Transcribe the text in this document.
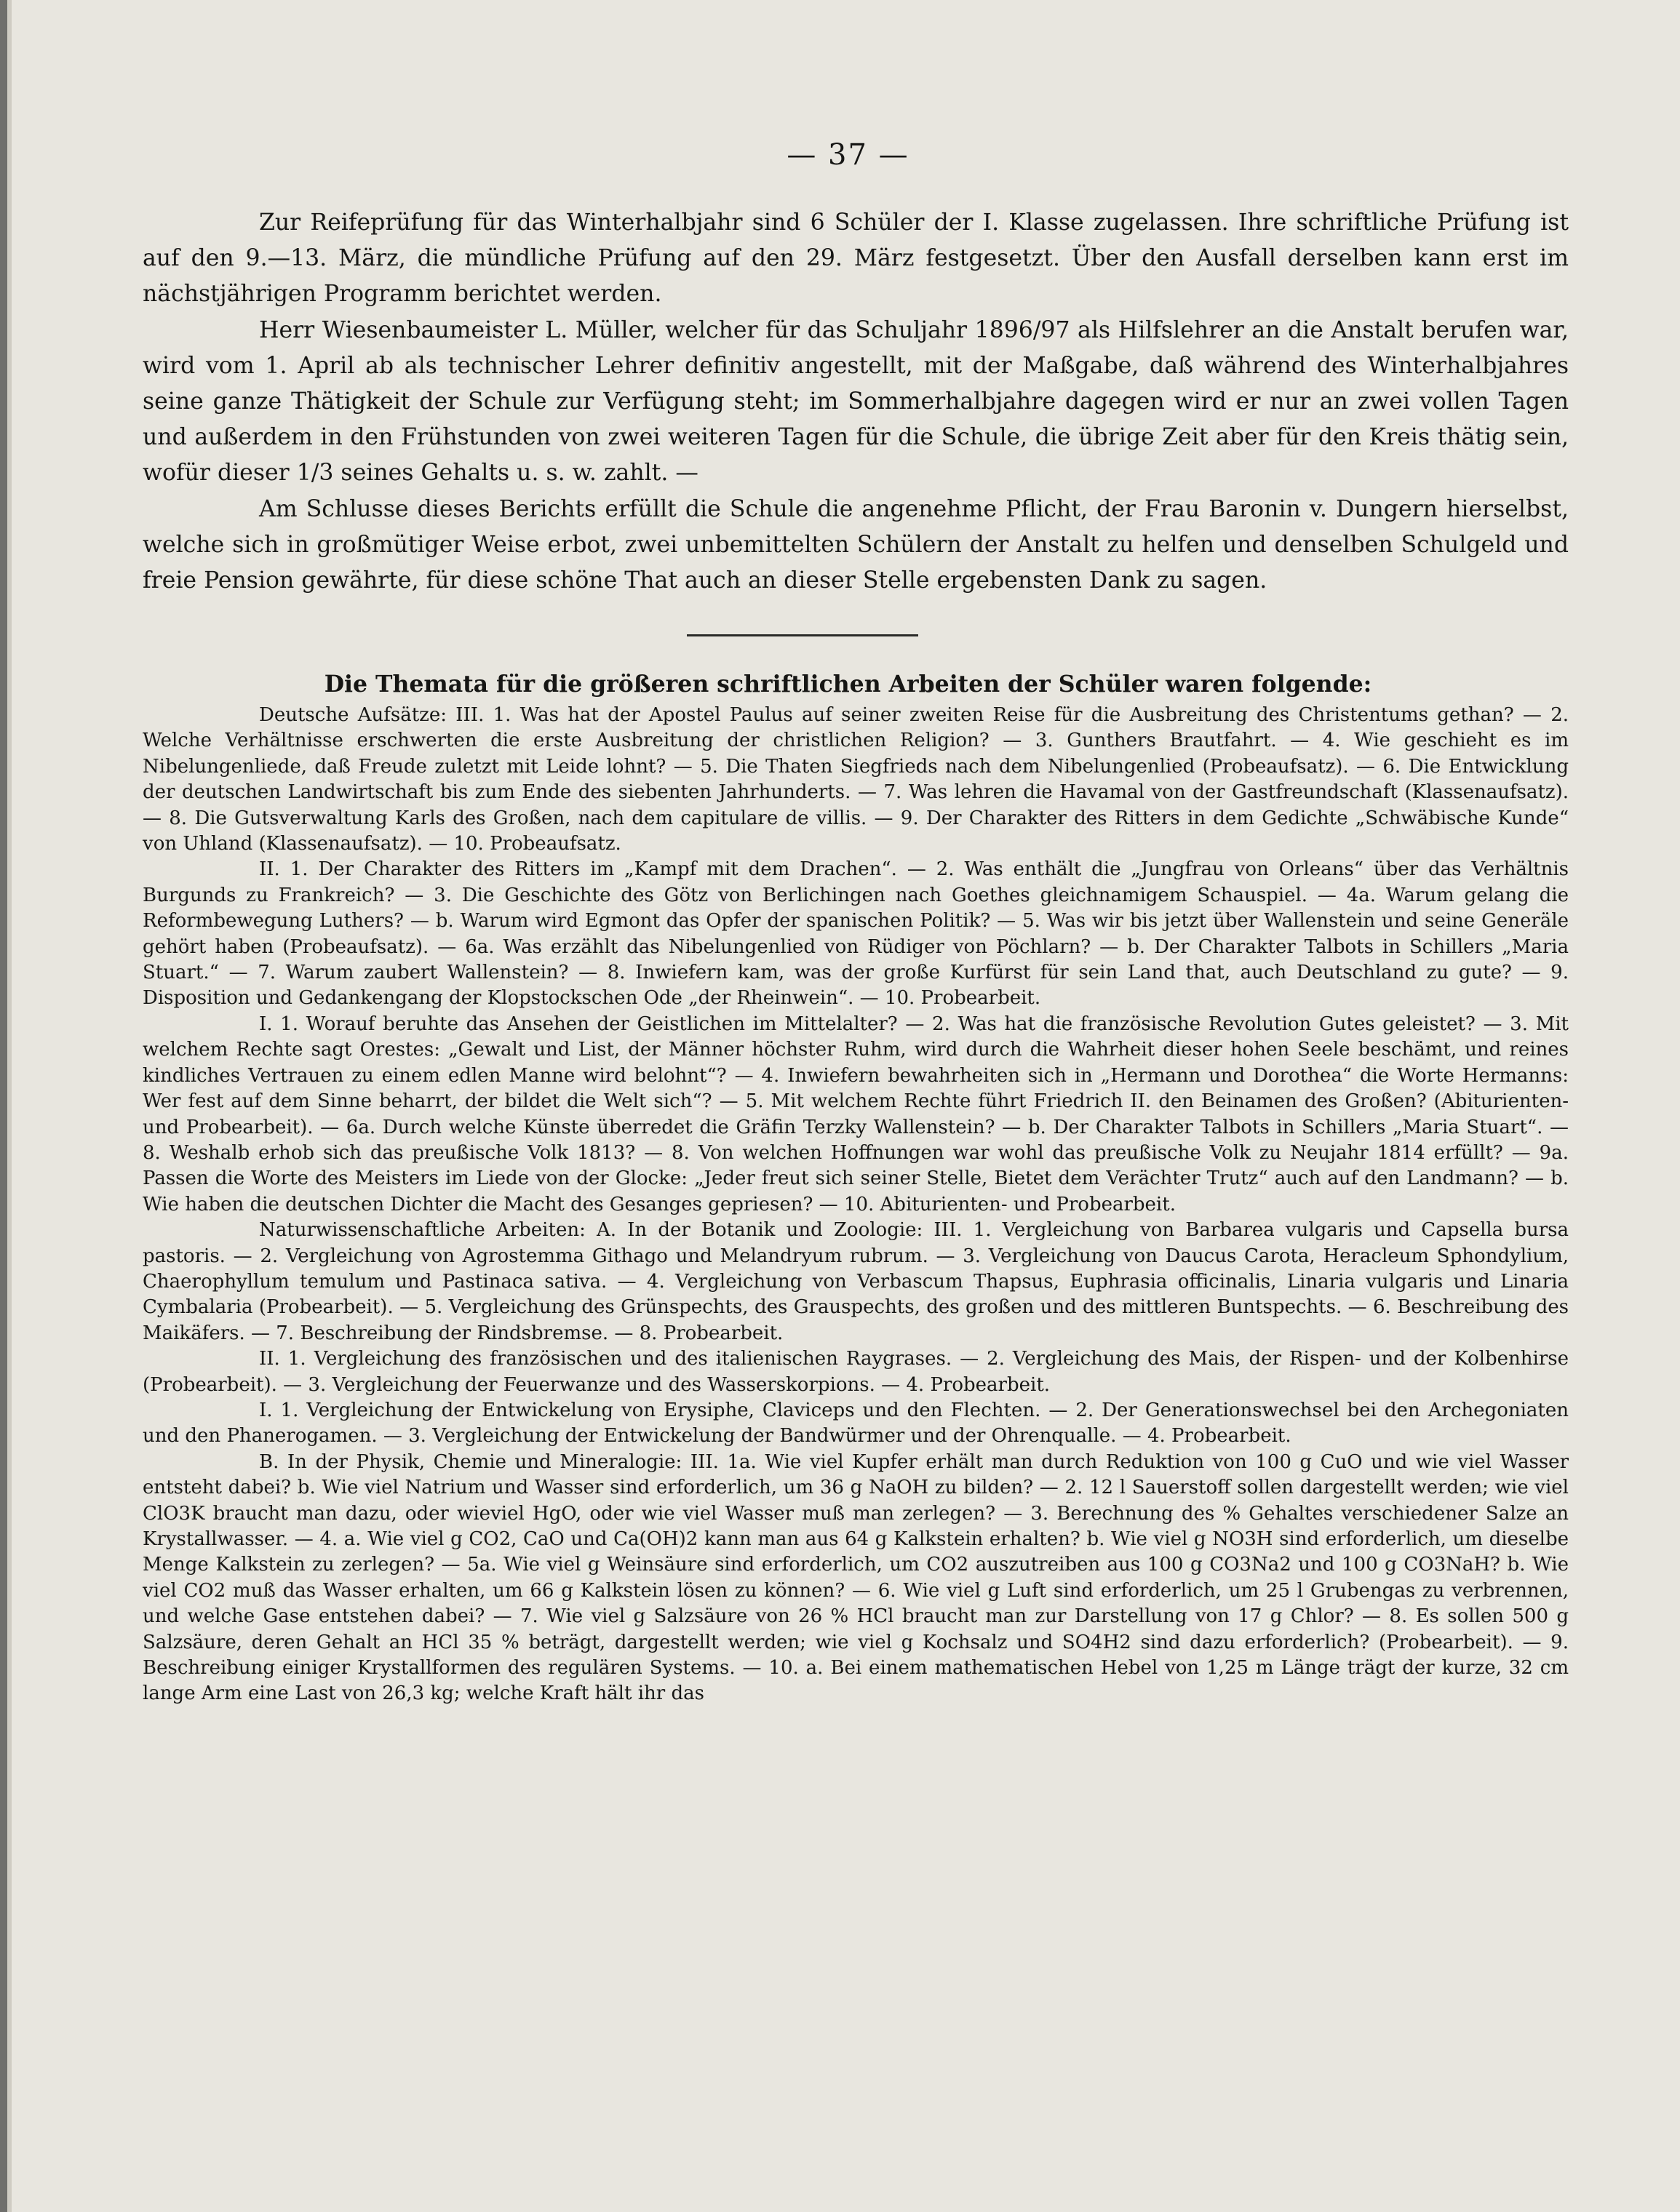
— 37 —

Zur Reifeprüfung für das Winterhalbjahr sind 6 Schüler der I. Klasse zugelassen. Ihre schriftliche Prüfung ist auf den 9.—13. März, die mündliche Prüfung auf den 29. März festgesetzt. Über den Ausfall derselben kann erst im nächstjährigen Programm berichtet werden.

Herr Wiesenbaumeister L. Müller, welcher für das Schuljahr 1896/97 als Hilfslehrer an die Anstalt berufen war, wird vom 1. April ab als technischer Lehrer definitiv angestellt, mit der Maßgabe, daß während des Winterhalbjahres seine ganze Thätigkeit der Schule zur Verfügung steht; im Sommerhalbjahre dagegen wird er nur an zwei vollen Tagen und außerdem in den Frühstunden von zwei weiteren Tagen für die Schule, die übrige Zeit aber für den Kreis thätig sein, wofür dieser 1/3 seines Gehalts u. s. w. zahlt. —

Am Schlusse dieses Berichts erfüllt die Schule die angenehme Pflicht, der Frau Baronin v. Dungern hierselbst, welche sich in großmütiger Weise erbot, zwei unbemittelten Schülern der Anstalt zu helfen und denselben Schulgeld und freie Pension gewährte, für diese schöne That auch an dieser Stelle ergebensten Dank zu sagen.

Die Themata für die größeren schriftlichen Arbeiten der Schüler waren folgende:

Deutsche Aufsätze: III. 1. Was hat der Apostel Paulus auf seiner zweiten Reise für die Ausbreitung des Christentums gethan? — 2. Welche Verhältnisse erschwerten die erste Ausbreitung der christlichen Religion? — 3. Gunthers Brautfahrt. — 4. Wie geschieht es im Nibelungenliede, daß Freude zuletzt mit Leide lohnt? — 5. Die Thaten Siegfrieds nach dem Nibelungenlied (Probeaufsatz). — 6. Die Entwicklung der deutschen Landwirtschaft bis zum Ende des siebenten Jahrhunderts. — 7. Was lehren die Havamal von der Gastfreundschaft (Klassenaufsatz). — 8. Die Gutsverwaltung Karls des Großen, nach dem capitulare de villis. — 9. Der Charakter des Ritters in dem Gedichte „Schwäbische Kunde“ von Uhland (Klassenaufsatz). — 10. Probeaufsatz.

II. 1. Der Charakter des Ritters im „Kampf mit dem Drachen“. — 2. Was enthält die „Jungfrau von Orleans“ über das Verhältnis Burgunds zu Frankreich? — 3. Die Geschichte des Götz von Berlichingen nach Goethes gleichnamigem Schauspiel. — 4a. Warum gelang die Reformbewegung Luthers? — b. Warum wird Egmont das Opfer der spanischen Politik? — 5. Was wir bis jetzt über Wallenstein und seine Generäle gehört haben (Probeaufsatz). — 6a. Was erzählt das Nibelungenlied von Rüdiger von Pöchlarn? — b. Der Charakter Talbots in Schillers „Maria Stuart.“ — 7. Warum zaubert Wallenstein? — 8. Inwiefern kam, was der große Kurfürst für sein Land that, auch Deutschland zu gute? — 9. Disposition und Gedankengang der Klopstockschen Ode „der Rheinwein“. — 10. Probearbeit.

I. 1. Worauf beruhte das Ansehen der Geistlichen im Mittelalter? — 2. Was hat die französische Revolution Gutes geleistet? — 3. Mit welchem Rechte sagt Orestes: „Gewalt und List, der Männer höchster Ruhm, wird durch die Wahrheit dieser hohen Seele beschämt, und reines kindliches Vertrauen zu einem edlen Manne wird belohnt“? — 4. Inwiefern bewahrheiten sich in „Hermann und Dorothea“ die Worte Hermanns: Wer fest auf dem Sinne beharrt, der bildet die Welt sich“? — 5. Mit welchem Rechte führt Friedrich II. den Beinamen des Großen? (Abiturienten- und Probearbeit). — 6a. Durch welche Künste überredet die Gräfin Terzky Wallenstein? — b. Der Charakter Talbots in Schillers „Maria Stuart“. — 8. Weshalb erhob sich das preußische Volk 1813? — 8. Von welchen Hoffnungen war wohl das preußische Volk zu Neujahr 1814 erfüllt? — 9a. Passen die Worte des Meisters im Liede von der Glocke: „Jeder freut sich seiner Stelle, Bietet dem Verächter Trutz“ auch auf den Landmann? — b. Wie haben die deutschen Dichter die Macht des Gesanges gepriesen? — 10. Abiturienten- und Probearbeit.

Naturwissenschaftliche Arbeiten: A. In der Botanik und Zoologie: III. 1. Vergleichung von Barbarea vulgaris und Capsella bursa pastoris. — 2. Vergleichung von Agrostemma Githago und Melandryum rubrum. — 3. Vergleichung von Daucus Carota, Heracleum Sphondylium, Chaerophyllum temulum und Pastinaca sativa. — 4. Vergleichung von Verbascum Thapsus, Euphrasia officinalis, Linaria vulgaris und Linaria Cymbalaria (Probearbeit). — 5. Vergleichung des Grünspechts, des Grauspechts, des großen und des mittleren Buntspechts. — 6. Beschreibung des Maikäfers. — 7. Beschreibung der Rindsbremse. — 8. Probearbeit.

II. 1. Vergleichung des französischen und des italienischen Raygrases. — 2. Vergleichung des Mais, der Rispen- und der Kolbenhirse (Probearbeit). — 3. Vergleichung der Feuerwanze und des Wasserskorpions. — 4. Probearbeit.

I. 1. Vergleichung der Entwickelung von Erysiphe, Claviceps und den Flechten. — 2. Der Generationswechsel bei den Archegoniaten und den Phanerogamen. — 3. Vergleichung der Entwickelung der Bandwürmer und der Ohrenqualle. — 4. Probearbeit.

B. In der Physik, Chemie und Mineralogie: III. 1a. Wie viel Kupfer erhält man durch Reduktion von 100 g CuO und wie viel Wasser entsteht dabei? b. Wie viel Natrium und Wasser sind erforderlich, um 36 g NaOH zu bilden? — 2. 12 l Sauerstoff sollen dargestellt werden; wie viel ClO3K braucht man dazu, oder wieviel HgO, oder wie viel Wasser muß man zerlegen? — 3. Berechnung des % Gehaltes verschiedener Salze an Krystallwasser. — 4. a. Wie viel g CO2, CaO und Ca(OH)2 kann man aus 64 g Kalkstein erhalten? b. Wie viel g NO3H sind erforderlich, um dieselbe Menge Kalkstein zu zerlegen? — 5a. Wie viel g Weinsäure sind erforderlich, um CO2 auszutreiben aus 100 g CO3Na2 und 100 g CO3NaH? b. Wie viel CO2 muß das Wasser erhalten, um 66 g Kalkstein lösen zu können? — 6. Wie viel g Luft sind erforderlich, um 25 l Grubengas zu verbrennen, und welche Gase entstehen dabei? — 7. Wie viel g Salzsäure von 26 % HCl braucht man zur Darstellung von 17 g Chlor? — 8. Es sollen 500 g Salzsäure, deren Gehalt an HCl 35 % beträgt, dargestellt werden; wie viel g Kochsalz und SO4H2 sind dazu erforderlich? (Probearbeit). — 9. Beschreibung einiger Krystallformen des regulären Systems. — 10. a. Bei einem mathematischen Hebel von 1,25 m Länge trägt der kurze, 32 cm lange Arm eine Last von 26,3 kg; welche Kraft hält ihr das
